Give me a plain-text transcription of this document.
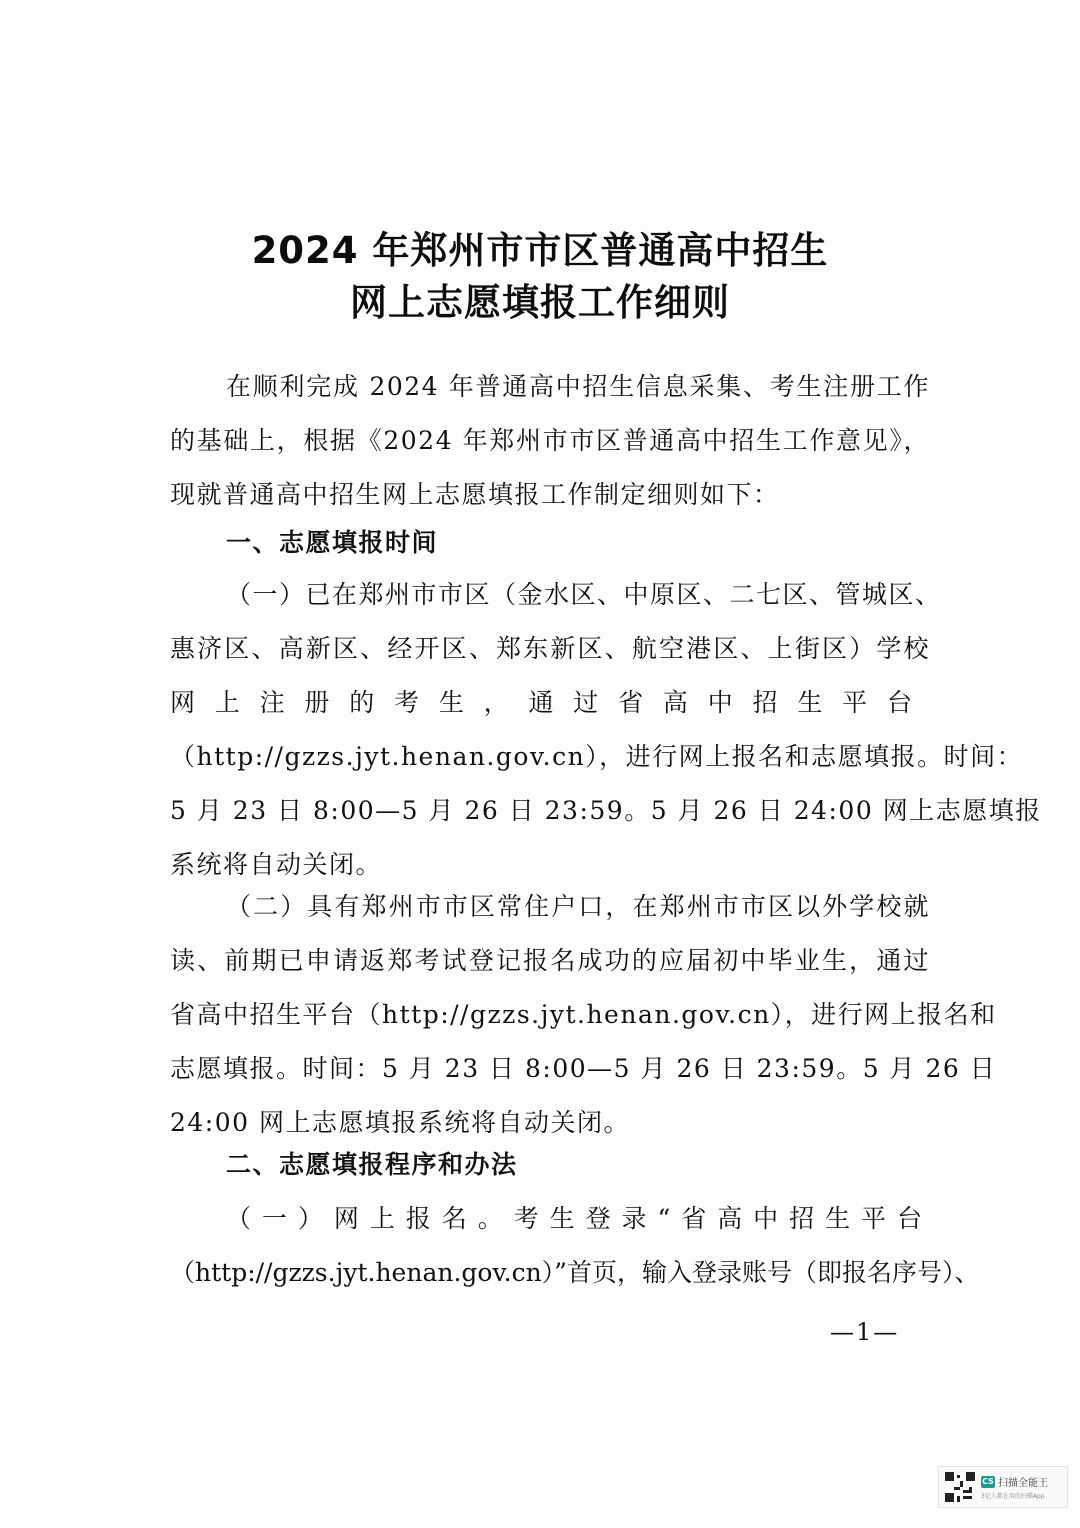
2024 年郑州市市区普通高中招生
网上志愿填报工作细则
在顺利完成 2024 年普通高中招生信息采集、考生注册工作
的基础上，根据《2024 年郑州市市区普通高中招生工作意见》，
现就普通高中招生网上志愿填报工作制定细则如下：
一、志愿填报时间
（一）已在郑州市市区（金水区、中原区、二七区、管城区、
惠济区、高新区、经开区、郑东新区、航空港区、上街区）学校
网上注册的考生，通过省高中招生平台
（http://gzzs.jyt.henan.gov.cn），进行网上报名和志愿填报。时间：
5 月 23 日 8:00—5 月 26 日 23:59。5 月 26 日 24:00 网上志愿填报
系统将自动关闭。
（二）具有郑州市市区常住户口，在郑州市市区以外学校就
读、前期已申请返郑考试登记报名成功的应届初中毕业生，通过
省高中招生平台（http://gzzs.jyt.henan.gov.cn），进行网上报名和
志愿填报。时间：5 月 23 日 8:00—5 月 26 日 23:59。5 月 26 日
24:00 网上志愿填报系统将自动关闭。
二、志愿填报程序和办法
（一）网上报名。考生登录“省高中招生平台
（http://gzzs.jyt.henan.gov.cn）”首页，输入登录账号（即报名序号）、
—1—
CS 扫描全能王
3亿人都在用的扫描App
